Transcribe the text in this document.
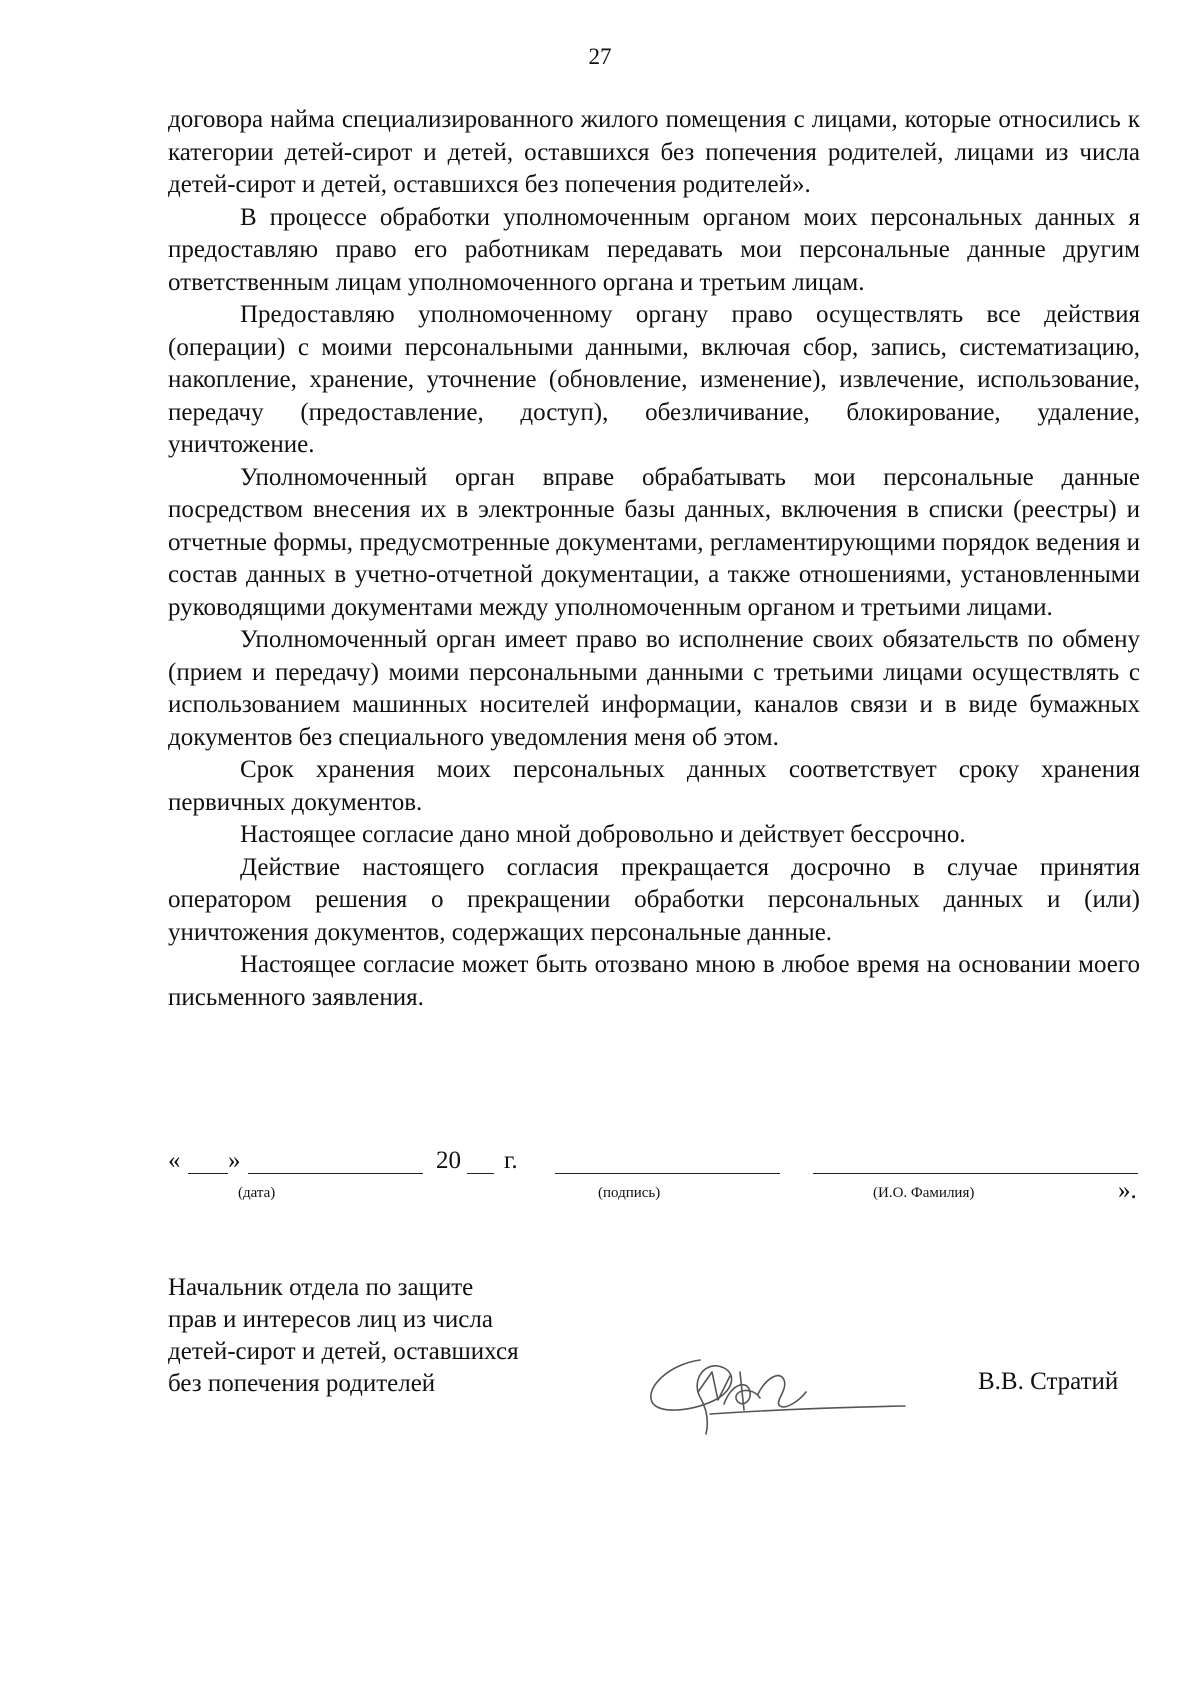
27

договора найма специализированного жилого помещения с лицами, которые относились к категории детей-сирот и детей, оставшихся без попечения родителей, лицами из числа детей-сирот и детей, оставшихся без попечения родителей».

В процессе обработки уполномоченным органом моих персональных данных я предоставляю право его работникам передавать мои персональные данные другим ответственным лицам уполномоченного органа и третьим лицам.

Предоставляю уполномоченному органу право осуществлять все действия (операции) с моими персональными данными, включая сбор, запись, систематизацию, накопление, хранение, уточнение (обновление, изменение), извлечение, использование, передачу (предоставление, доступ), обезличивание, блокирование, удаление, уничтожение.

Уполномоченный орган вправе обрабатывать мои персональные данные посредством внесения их в электронные базы данных, включения в списки (реестры) и отчетные формы, предусмотренные документами, регламентирующими порядок ведения и состав данных в учетно-отчетной документации, а также отношениями, установленными руководящими документами между уполномоченным органом и третьими лицами.

Уполномоченный орган имеет право во исполнение своих обязательств по обмену (прием и передачу) моими персональными данными с третьими лицами осуществлять с использованием машинных носителей информации, каналов связи и в виде бумажных документов без специального уведомления меня об этом.

Срок хранения моих персональных данных соответствует сроку хранения первичных документов.

Настоящее согласие дано мной добровольно и действует бессрочно.

Действие настоящего согласия прекращается досрочно в случае принятия оператором решения о прекращении обработки персональных данных и (или) уничтожения документов, содержащих персональные данные.

Настоящее согласие может быть отозвано мною в любое время на основании моего письменного заявления.

« »	20 г.
(дата)	(подпись)	(И.О. Фамилия)	».
Начальник отдела по защите
прав и интересов лиц из числа
детей-сирот и детей, оставшихся
без попечения родителей	В.В. Стратий
